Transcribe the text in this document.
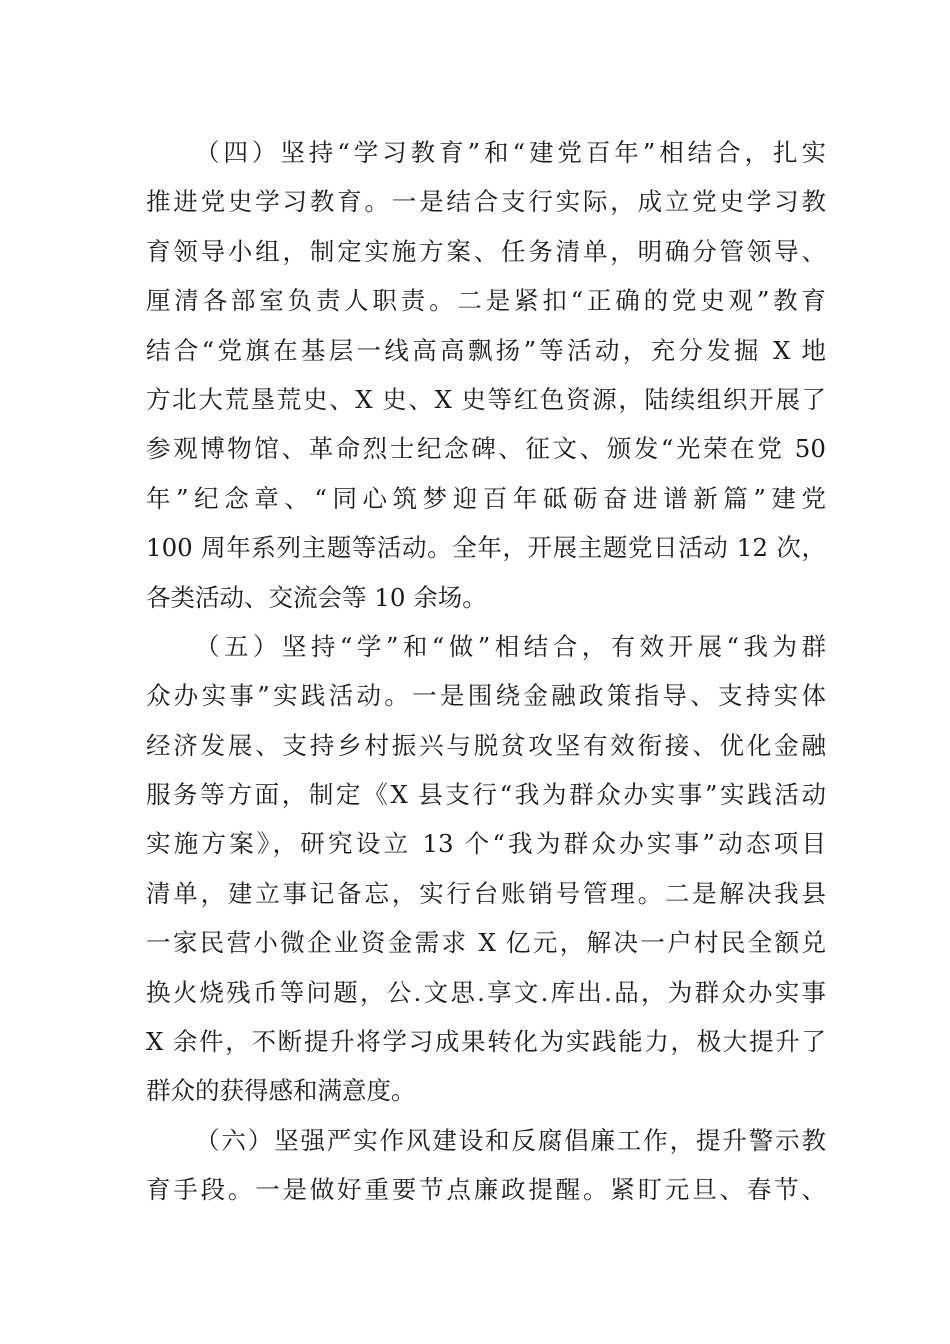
（四）坚持“学习教育”和“建党百年”相结合，扎实
推进党史学习教育。一是结合支行实际，成立党史学习教
育领导小组，制定实施方案、任务清单，明确分管领导、
厘清各部室负责人职责。二是紧扣“正确的党史观”教育
结合“党旗在基层一线高高飘扬”等活动，充分发掘 X 地
方北大荒垦荒史、X 史、X 史等红色资源，陆续组织开展了
参观博物馆、革命烈士纪念碑、征文、颁发“光荣在党 50
年”纪念章、“同心筑梦迎百年砥砺奋进谱新篇”建党
100 周年系列主题等活动。全年，开展主题党日活动 12 次，
各类活动、交流会等 10 余场。
（五）坚持“学”和“做”相结合，有效开展“我为群
众办实事”实践活动。一是围绕金融政策指导、支持实体
经济发展、支持乡村振兴与脱贫攻坚有效衔接、优化金融
服务等方面，制定《X 县支行“我为群众办实事”实践活动
实施方案》，研究设立 13 个“我为群众办实事”动态项目
清单，建立事记备忘，实行台账销号管理。二是解决我县
一家民营小微企业资金需求 X 亿元，解决一户村民全额兑
换火烧残币等问题，公.文思.享文.库出.品，为群众办实事
X 余件，不断提升将学习成果转化为实践能力，极大提升了
群众的获得感和满意度。
（六）坚强严实作风建设和反腐倡廉工作，提升警示教
育手段。一是做好重要节点廉政提醒。紧盯元旦、春节、
